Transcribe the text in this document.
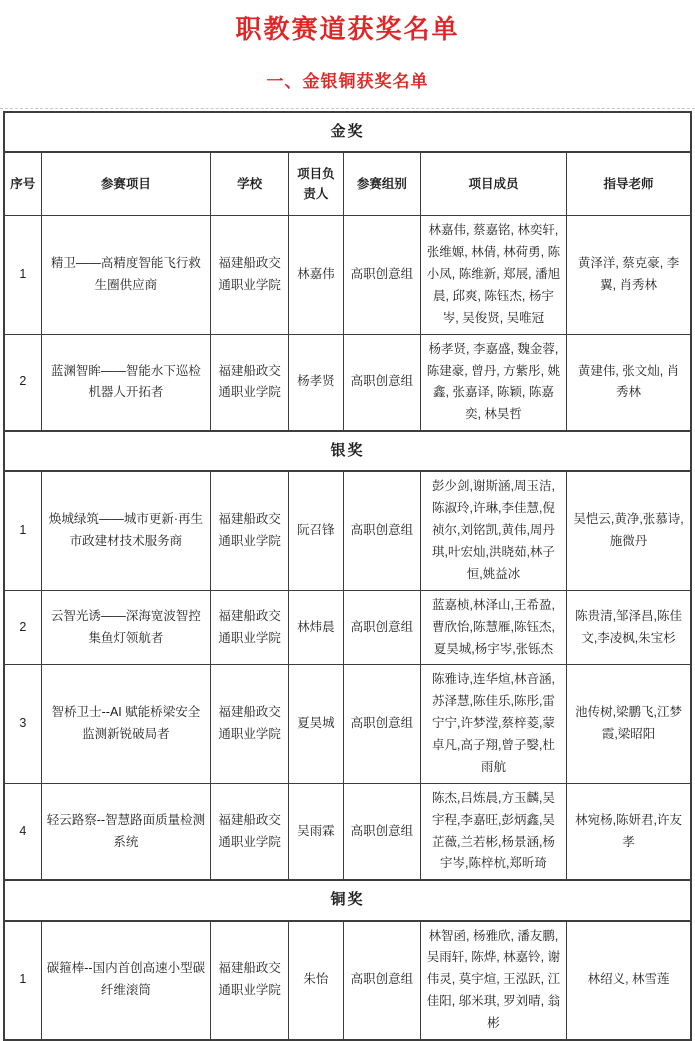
职教赛道获奖名单
一、金银铜获奖名单
金奖						
序号	参赛项目	学校	项目负责人	参赛组别	项目成员	指导老师
1	精卫——高精度智能飞行救生圈供应商	福建船政交通职业学院	林嘉伟	高职创意组	林嘉伟, 蔡嘉铭, 林奕轩, 张维嫄, 林倩, 林荷勇, 陈小凤, 陈维新, 郑展, 潘旭晨, 邱爽, 陈钰杰, 杨宇岑, 吴俊贤, 吴唯冠	黄泽洋, 蔡克豪, 李翼, 肖秀林
2	蓝渊智眸——智能水下巡检机器人开拓者	福建船政交通职业学院	杨孝贤	高职创意组	杨孝贤, 李嘉盛, 魏金蓉, 陈建豪, 曾丹, 方紫彤, 姚鑫, 张嘉译, 陈颖, 陈嘉奕, 林昊哲	黄建伟, 张文灿, 肖秀林
银奖						
1	焕城绿筑——城市更新·再生市政建材技术服务商	福建船政交通职业学院	阮召锋	高职创意组	彭少剑,谢斯涵,周玉洁,陈淑玲,许琳,李佳慧,倪祯尔,刘铭凯,黄伟,周丹琪,叶宏灿,洪晓茹,林子恒,姚益冰	吴恺云,黄净,张慕诗,施微丹
2	云智光诱——深海宽波智控集鱼灯领航者	福建船政交通职业学院	林炜晨	高职创意组	蓝嘉桢,林泽山,王希盈,曹欣怡,陈慧雁,陈钰杰,夏昊城,杨宇岑,张铄杰	陈贵清,邹泽昌,陈佳文,李凌枫,朱宝杉
3	智桥卫士--AI 赋能桥梁安全监测新锐破局者	福建船政交通职业学院	夏昊城	高职创意组	陈雅诗,连华煊,林音涵,苏泽慧,陈佳乐,陈彤,雷宁宁,许梦滢,蔡梓菱,蒙卓凡,高子翔,曾子嫛,杜雨航	池传树,梁鹏飞,江梦霞,梁昭阳
4	轻云路察--智慧路面质量检测系统	福建船政交通职业学院	吴雨霖	高职创意组	陈杰,吕炼晨,方玉麟,吴宇程,李嘉旺,彭炳鑫,吴芷薇,兰若彬,杨景涵,杨宇岑,陈梓杭,郑昕琦	林宛杨,陈妍君,许友孝
铜奖						
1	碳箍棒--国内首创高速小型碳纤维滚筒	福建船政交通职业学院	朱怡	高职创意组	林智函, 杨雅欣, 潘友鹏, 吴雨轩, 陈烨, 林嘉铃, 谢伟灵, 莫宇煊, 王泓跃, 江佳阳, 邬米琪, 罗刘晴, 翁彬	林绍义, 林雪莲
